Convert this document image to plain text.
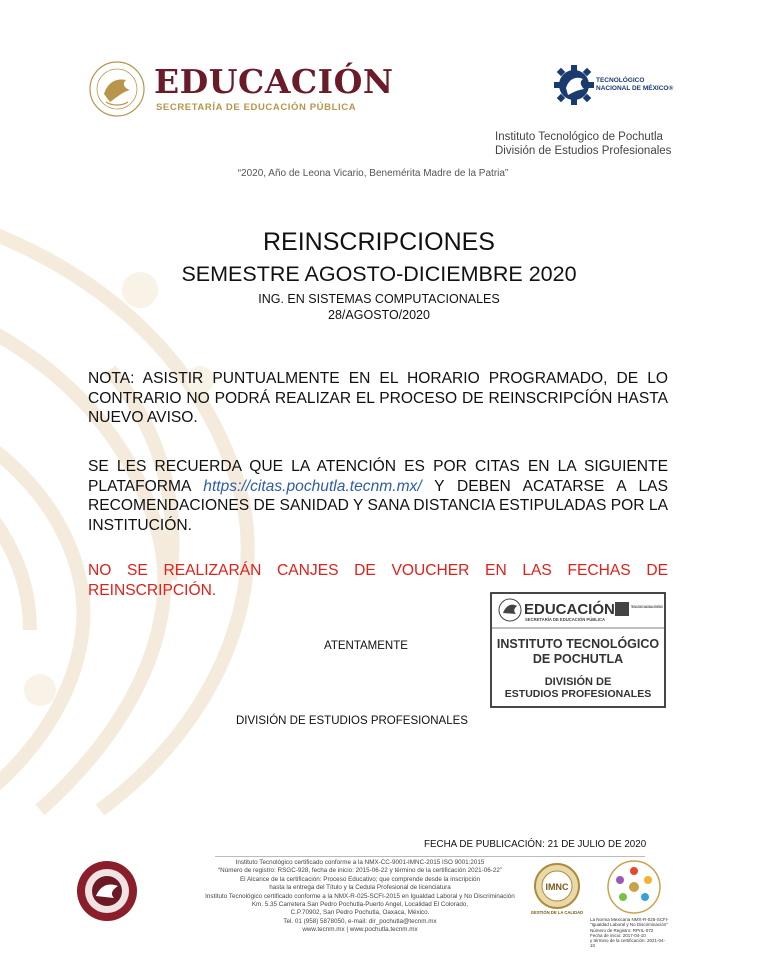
EDUCACIÓN
SECRETARÍA DE EDUCACIÓN PÚBLICA
TECNOLÓGICO
NACIONAL DE MÉXICO®
Instituto Tecnológico de Pochutla
División de Estudios Profesionales
“2020, Año de Leona Vicario, Benemérita Madre de la Patria”
REINSCRIPCIONES
SEMESTRE AGOSTO-DICIEMBRE 2020
ING. EN SISTEMAS COMPUTACIONALES
28/AGOSTO/2020
NOTA: ASISTIR PUNTUALMENTE EN EL HORARIO PROGRAMADO, DE LO CONTRARIO NO PODRÁ REALIZAR EL PROCESO DE REINSCRIPCÍÓN HASTA NUEVO AVISO.
SE LES RECUERDA QUE LA ATENCIÓN ES POR CITAS EN LA SIGUIENTE PLATAFORMA https://citas.pochutla.tecnm.mx/ Y DEBEN ACATARSE A LAS RECOMENDACIONES DE SANIDAD Y SANA DISTANCIA ESTIPULADAS POR LA INSTITUCIÓN.
NO SE REALIZARÁN CANJES DE VOUCHER EN LAS FECHAS DE REINSCRIPCIÓN.
ATENTAMENTE
EDUCACIÓN
SECRETARÍA DE EDUCACIÓN PÚBLICA
TECNOLÓGICO NACIONAL DE MÉXICO
INSTITUTO TECNOLÓGICO
DE POCHUTLA
DIVISIÓN DE
ESTUDIOS PROFESIONALES
DIVISIÓN DE ESTUDIOS PROFESIONALES
FECHA DE PUBLICACIÓN: 21 DE JULIO DE 2020
Instituto Tecnológico certificado conforme a la NMX-CC-9001-IMNC-2015 ISO 9001:2015
“Número de registro: RSGC-928, fecha de inicio: 2015-06-22 y término de la certificación 2021-06-22”
El Alcance de la certificación: Proceso Educativo; que comprende desde la inscripción
hasta la entrega del Título y la Cedula Profesional de licenciatura
Instituto Tecnológico certificado conforme a la NMX-R-025-SCFI-2015 en Igualdad Laboral y No Discriminación
Km. 5.35 Carretera San Pedro Pochutla-Puerto Angel, Localidad El Colorado,
C.P.70902, San Pedro Pochutla, Oaxaca, México.
Tel. 01 (958) 5878050, e-mail: dir_pochutla@tecnm.mx
www.tecnm.mx | www.pochutla.tecnm.mx
IMNC
GESTIÓN DE LA CALIDAD
La Norma Mexicana NMX-R-025-SCFI-
"Igualdad Laboral y No Discriminación"
Número de Registro: RPrIL-072
Fecha de inicio: 2017-04-10
y término de la certificación: 2021-04-10
